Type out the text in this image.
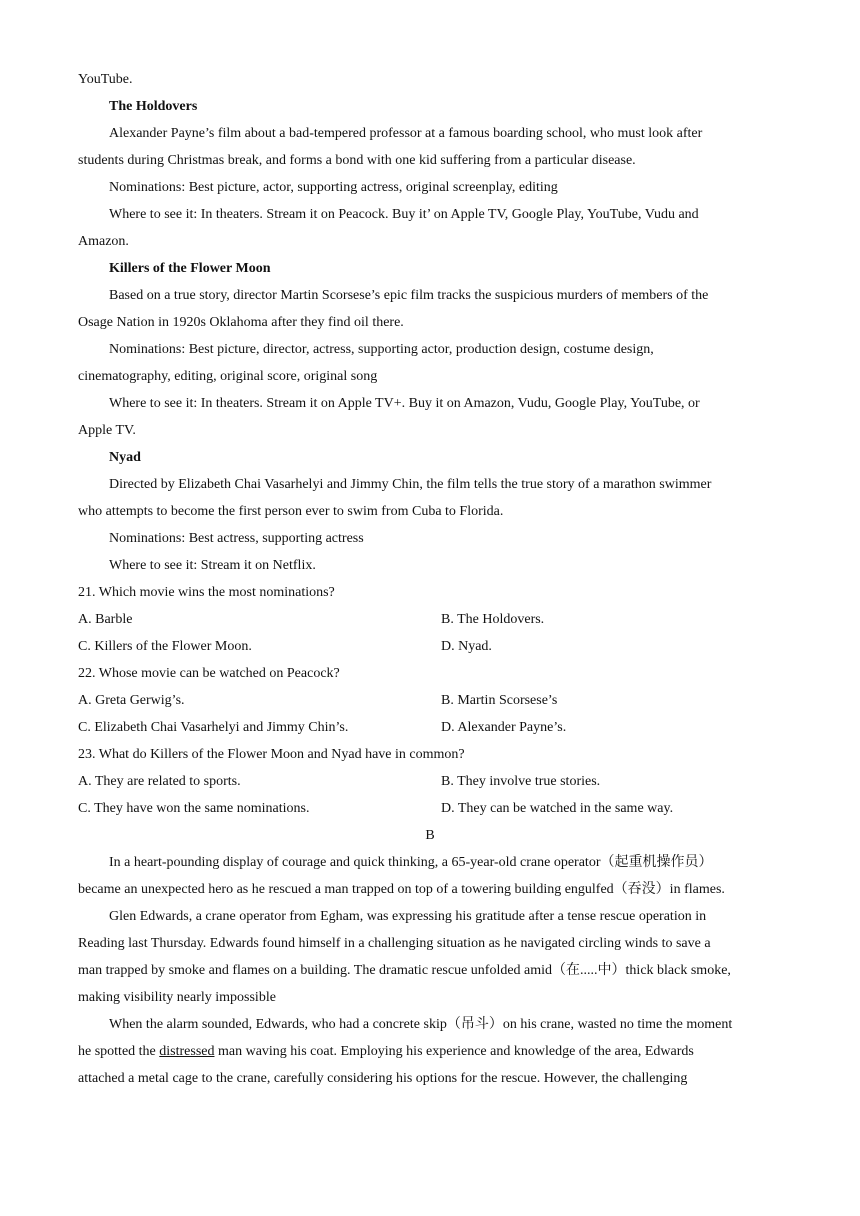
YouTube.
The Holdovers
Alexander Payne’s film about a bad-tempered professor at a famous boarding school, who must look after
students during Christmas break, and forms a bond with one kid suffering from a particular disease.
Nominations: Best picture, actor, supporting actress, original screenplay, editing
Where to see it: In theaters. Stream it on Peacock. Buy it’ on Apple TV, Google Play, YouTube, Vudu and
Amazon.
Killers of the Flower Moon
Based on a true story, director Martin Scorsese’s epic film tracks the suspicious murders of members of the
Osage Nation in 1920s Oklahoma after they find oil there.
Nominations: Best picture, director, actress, supporting actor, production design, costume design,
cinematography, editing, original score, original song
Where to see it: In theaters. Stream it on Apple TV+. Buy it on Amazon, Vudu, Google Play, YouTube, or
Apple TV.
Nyad
Directed by Elizabeth Chai Vasarhelyi and Jimmy Chin, the film tells the true story of a marathon swimmer
who attempts to become the first person ever to swim from Cuba to Florida.
Nominations: Best actress, supporting actress
Where to see it: Stream it on Netflix.
21. Which movie wins the most nominations?
A. Barble	B. The Holdovers.
C. Killers of the Flower Moon.	D. Nyad.
22. Whose movie can be watched on Peacock?
A. Greta Gerwig’s.	B. Martin Scorsese’s
C. Elizabeth Chai Vasarhelyi and Jimmy Chin’s.	D. Alexander Payne’s.
23. What do Killers of the Flower Moon and Nyad have in common?
A. They are related to sports.	B. They involve true stories.
C. They have won the same nominations.	D. They can be watched in the same way.
B
In a heart-pounding display of courage and quick thinking, a 65-year-old crane operator（起重机操作员）
became an unexpected hero as he rescued a man trapped on top of a towering building engulfed（吞没）in flames.
Glen Edwards, a crane operator from Egham, was expressing his gratitude after a tense rescue operation in
Reading last Thursday. Edwards found himself in a challenging situation as he navigated circling winds to save a
man trapped by smoke and flames on a building. The dramatic rescue unfolded amid（在.....中）thick black smoke,
making visibility nearly impossible
When the alarm sounded, Edwards, who had a concrete skip（吊斗）on his crane, wasted no time the moment
he spotted the distressed man waving his coat. Employing his experience and knowledge of the area, Edwards
attached a metal cage to the crane, carefully considering his options for the rescue. However, the challenging
